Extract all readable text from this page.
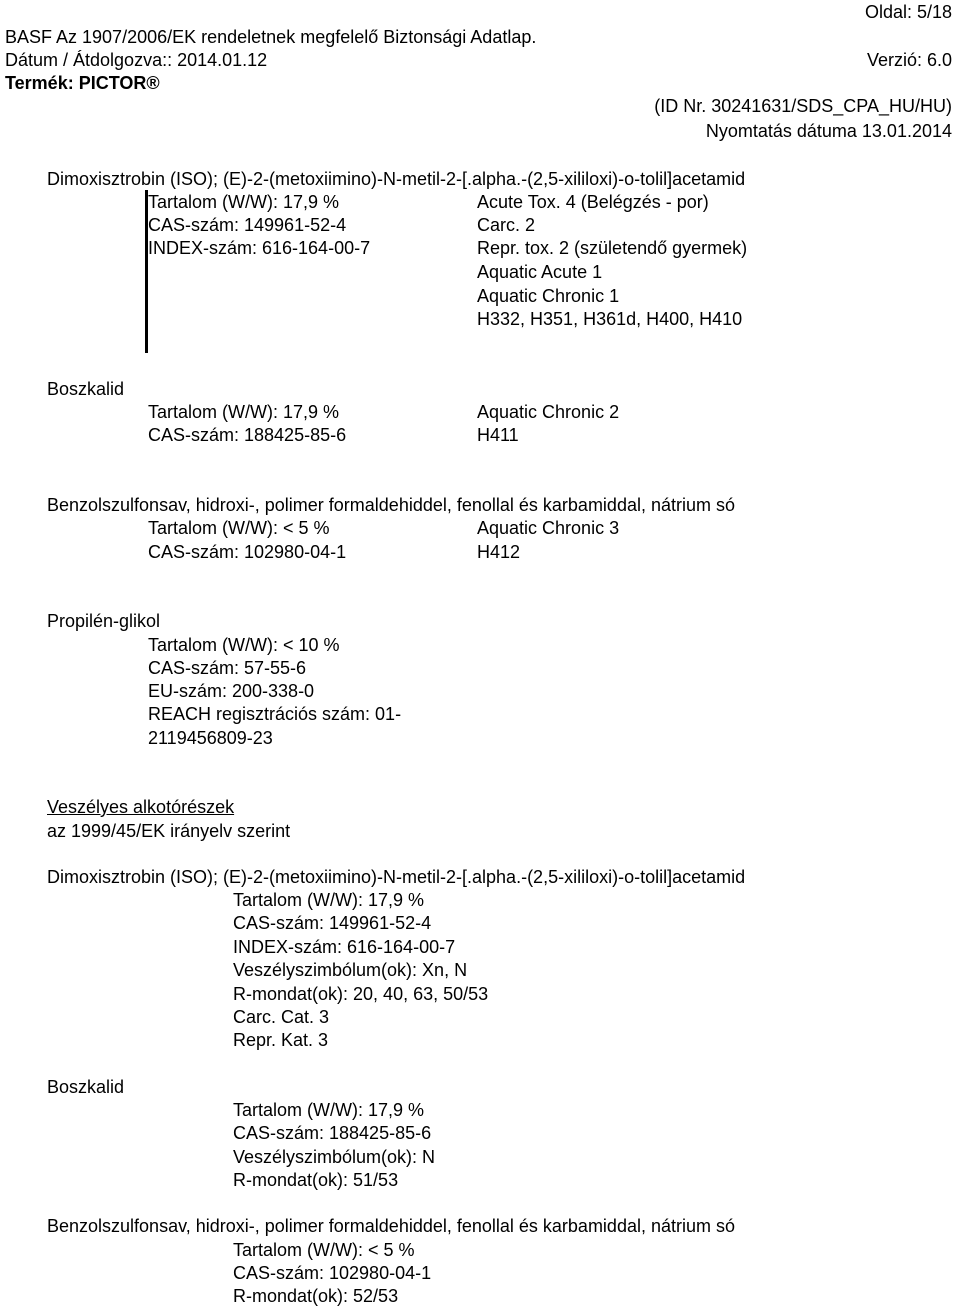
Oldal: 5/18
BASF Az 1907/2006/EK rendeletnek megfelelő Biztonsági Adatlap.
Dátum / Átdolgozva:: 2014.01.12	Verzió: 6.0
Termék: PICTOR®
(ID Nr. 30241631/SDS_CPA_HU/HU)
Nyomtatás dátuma 13.01.2014
Dimoxisztrobin (ISO); (E)-2-(metoxiimino)-N-metil-2-[.alpha.-(2,5-xililoxi)-o-tolil]acetamid
Tartalom (W/W): 17,9 %
CAS-szám: 149961-52-4
INDEX-szám: 616-164-00-7
Acute Tox. 4 (Belégzés - por)
Carc. 2
Repr. tox. 2 (születendő gyermek)
Aquatic Acute 1
Aquatic Chronic 1
H332, H351, H361d, H400, H410
Boszkalid
Tartalom (W/W): 17,9 %
CAS-szám: 188425-85-6
Aquatic Chronic 2
H411
Benzolszulfonsav, hidroxi-, polimer formaldehiddel, fenollal és karbamiddal, nátrium só
Tartalom (W/W): < 5 %
CAS-szám: 102980-04-1
Aquatic Chronic 3
H412
Propilén-glikol
Tartalom (W/W): < 10 %
CAS-szám: 57-55-6
EU-szám: 200-338-0
REACH regisztrációs szám: 01-
2119456809-23
Veszélyes alkotórészek
az 1999/45/EK irányelv szerint
Dimoxisztrobin (ISO); (E)-2-(metoxiimino)-N-metil-2-[.alpha.-(2,5-xililoxi)-o-tolil]acetamid
Tartalom (W/W): 17,9 %
CAS-szám: 149961-52-4
INDEX-szám: 616-164-00-7
Veszélyszimbólum(ok): Xn, N
R-mondat(ok): 20, 40, 63, 50/53
Carc. Cat. 3
Repr. Kat. 3
Boszkalid
Tartalom (W/W): 17,9 %
CAS-szám: 188425-85-6
Veszélyszimbólum(ok): N
R-mondat(ok): 51/53
Benzolszulfonsav, hidroxi-, polimer formaldehiddel, fenollal és karbamiddal, nátrium só
Tartalom (W/W): < 5 %
CAS-szám: 102980-04-1
R-mondat(ok): 52/53
